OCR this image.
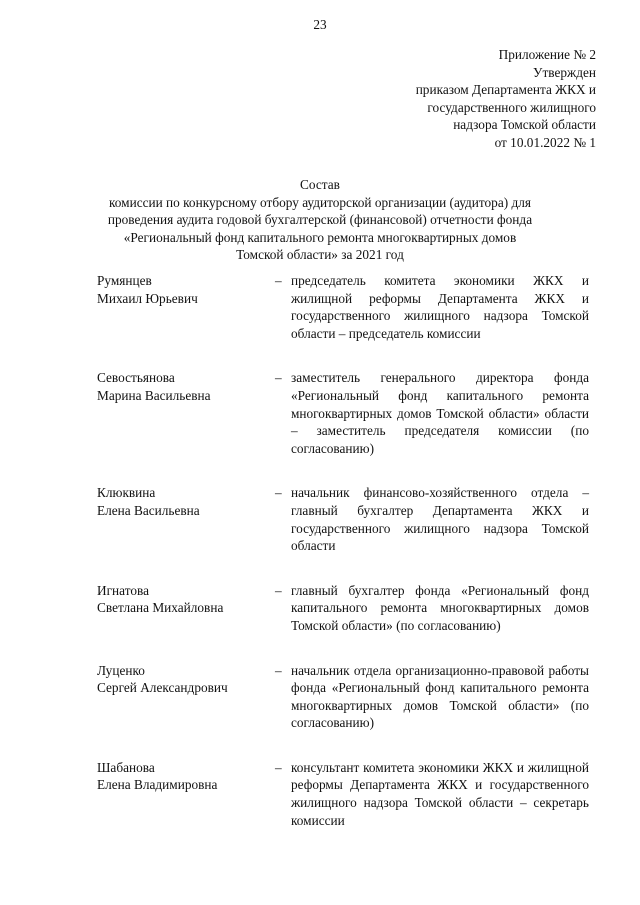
23
Приложение № 2
Утвержден
приказом Департамента ЖКХ и
государственного жилищного
надзора Томской области
от 10.01.2022 № 1
Состав
комиссии по конкурсному отбору аудиторской организации (аудитора) для
проведения аудита годовой бухгалтерской (финансовой) отчетности фонда
«Региональный фонд капитального ремонта многоквартирных домов
Томской области» за 2021 год
Румянцев
Михаил Юрьевич
– председатель комитета экономики ЖКХ и жилищной реформы Департамента ЖКХ и государственного жилищного надзора Томской области – председатель комиссии
Севостьянова
Марина Васильевна
– заместитель генерального директора фонда «Региональный фонд капитального ремонта многоквартирных домов Томской области» области – заместитель председателя комиссии (по согласованию)
Клюквина
Елена Васильевна
– начальник финансово-хозяйственного отдела – главный бухгалтер Департамента ЖКХ и государственного жилищного надзора Томской области
Игнатова
Светлана Михайловна
– главный бухгалтер фонда «Региональный фонд капитального ремонта многоквартирных домов Томской области» (по согласованию)
Луценко
Сергей Александрович
– начальник отдела организационно-правовой работы фонда «Региональный фонд капитального ремонта многоквартирных домов Томской области» (по согласованию)
Шабанова
Елена Владимировна
– консультант комитета экономики ЖКХ и жилищной реформы Департамента ЖКХ и государственного жилищного надзора Томской области – секретарь комиссии
